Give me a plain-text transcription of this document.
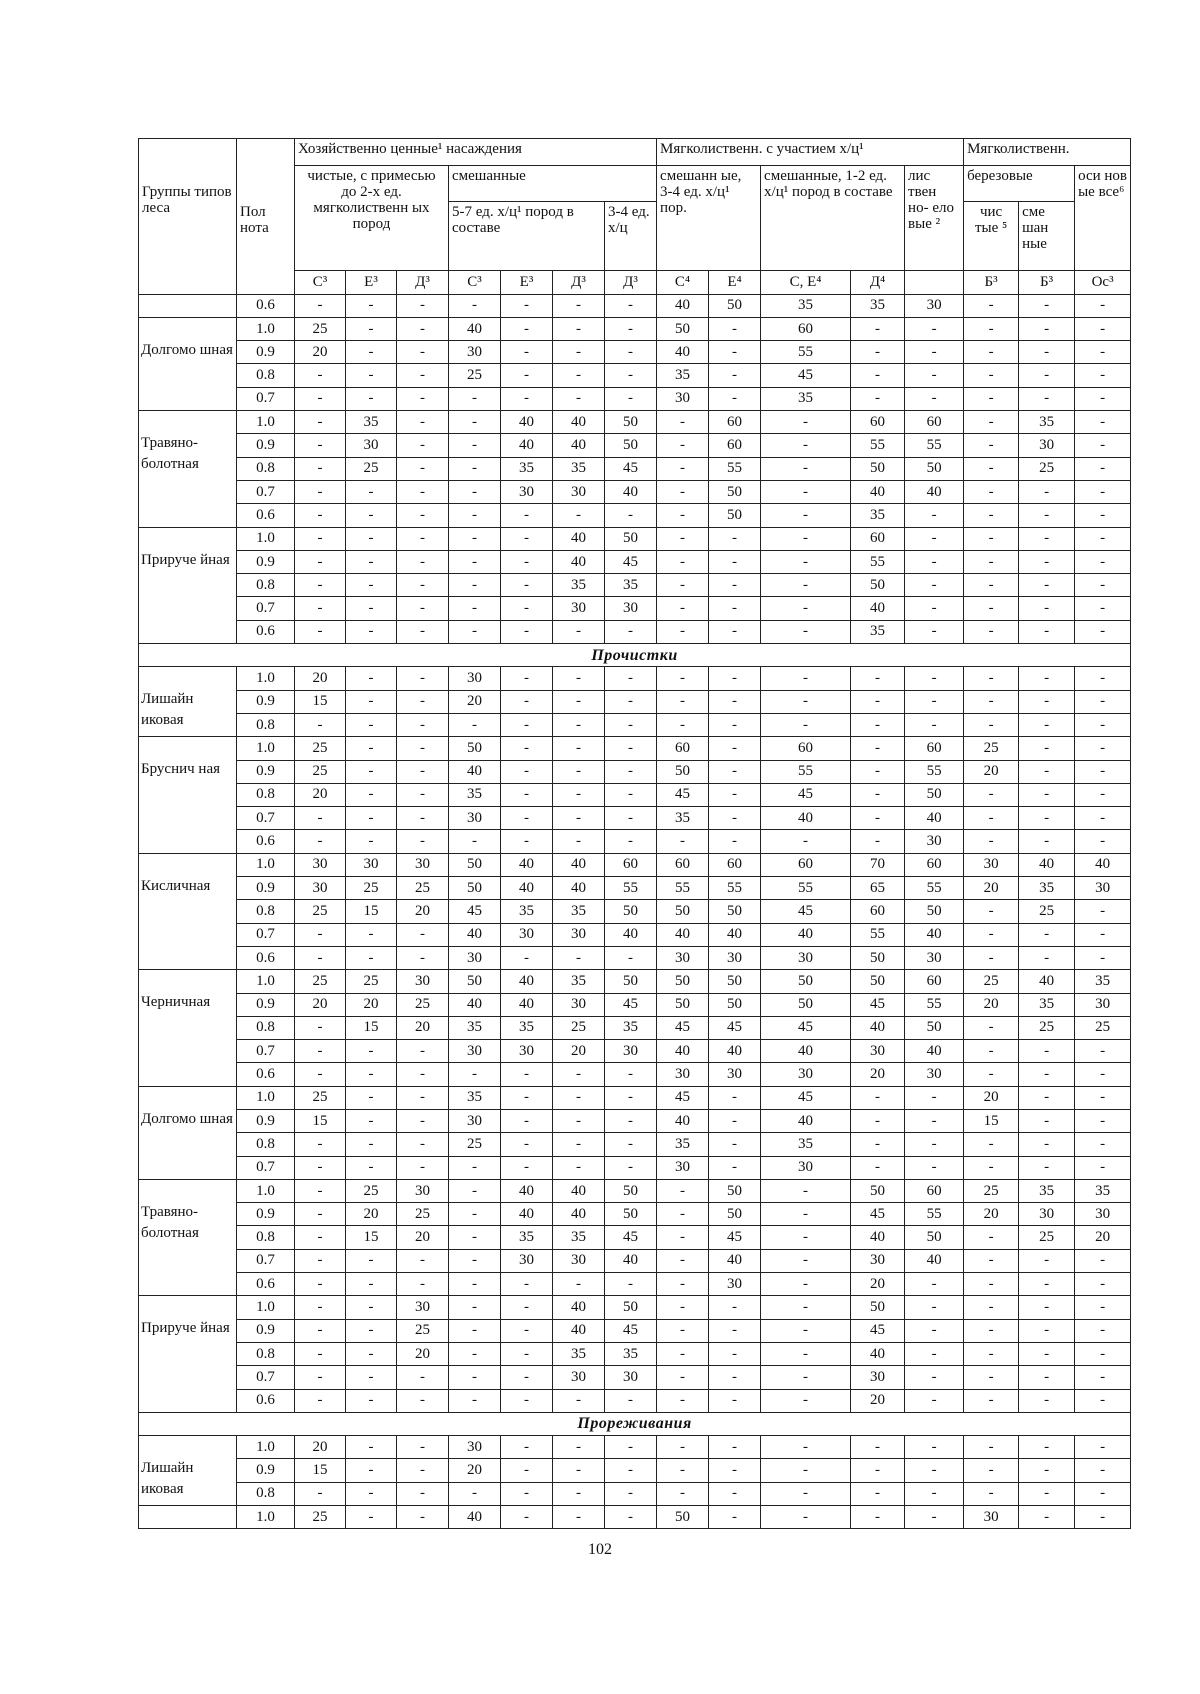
Группы типов леса	Пол нота	Хозяйственно ценные¹ насаждения							Мягколиственн. с участием х/ц¹					Мягколиственн.		
		чистые, с примесью до 2-х ед. мягколиственн ых пород			смешанные				смешанн ые, 3-4 ед. х/ц¹ пор.		смешанные, 1-2 ед. х/ц¹ пород в составе		лис твен но- ело вые ²	березовые		оси нов ые все⁶
					5-7 ед. х/ц¹ пород в составе			3-4 ед. х/ц						чис тые ⁵	сме шан ные	
		С³	Е³	Д³	С³	Е³	Д³	Д³	С⁴	Е⁴	С, Е⁴	Д⁴		Б³	Б³	Ос³
	0.6	-	-	-	-	-	-	-	40	50	35	35	30	-	-	-
Долгомо шная	1.0	25	-	-	40	-	-	-	50	-	60	-	-	-	-	-
	0.9	20	-	-	30	-	-	-	40	-	55	-	-	-	-	-
	0.8	-	-	-	25	-	-	-	35	-	45	-	-	-	-	-
	0.7	-	-	-	-	-	-	-	30	-	35	-	-	-	-	-
Травяно- болотная	1.0	-	35	-	-	40	40	50	-	60	-	60	60	-	35	-
	0.9	-	30	-	-	40	40	50	-	60	-	55	55	-	30	-
	0.8	-	25	-	-	35	35	45	-	55	-	50	50	-	25	-
	0.7	-	-	-	-	30	30	40	-	50	-	40	40	-	-	-
	0.6	-	-	-	-	-	-	-	-	50	-	35	-	-	-	-
Прируче йная	1.0	-	-	-	-	-	40	50	-	-	-	60	-	-	-	-
	0.9	-	-	-	-	-	40	45	-	-	-	55	-	-	-	-
	0.8	-	-	-	-	-	35	35	-	-	-	50	-	-	-	-
	0.7	-	-	-	-	-	30	30	-	-	-	40	-	-	-	-
	0.6	-	-	-	-	-	-	-	-	-	-	35	-	-	-	-
Прочистки																
Лишайн иковая	1.0	20	-	-	30	-	-	-	-	-	-	-	-	-	-	-
	0.9	15	-	-	20	-	-	-	-	-	-	-	-	-	-	-
	0.8	-	-	-	-	-	-	-	-	-	-	-	-	-	-	-
Бруснич ная	1.0	25	-	-	50	-	-	-	60	-	60	-	60	25	-	-
	0.9	25	-	-	40	-	-	-	50	-	55	-	55	20	-	-
	0.8	20	-	-	35	-	-	-	45	-	45	-	50	-	-	-
	0.7	-	-	-	30	-	-	-	35	-	40	-	40	-	-	-
	0.6	-	-	-	-	-	-	-	-	-	-	-	30	-	-	-
Кисличная	1.0	30	30	30	50	40	40	60	60	60	60	70	60	30	40	40
	0.9	30	25	25	50	40	40	55	55	55	55	65	55	20	35	30
	0.8	25	15	20	45	35	35	50	50	50	45	60	50	-	25	-
	0.7	-	-	-	40	30	30	40	40	40	40	55	40	-	-	-
	0.6	-	-	-	30	-	-	-	30	30	30	50	30	-	-	-
Черничная	1.0	25	25	30	50	40	35	50	50	50	50	50	60	25	40	35
	0.9	20	20	25	40	40	30	45	50	50	50	45	55	20	35	30
	0.8	-	15	20	35	35	25	35	45	45	45	40	50	-	25	25
	0.7	-	-	-	30	30	20	30	40	40	40	30	40	-	-	-
	0.6	-	-	-	-	-	-	-	30	30	30	20	30	-	-	-
Долгомо шная	1.0	25	-	-	35	-	-	-	45	-	45	-	-	20	-	-
	0.9	15	-	-	30	-	-	-	40	-	40	-	-	15	-	-
	0.8	-	-	-	25	-	-	-	35	-	35	-	-	-	-	-
	0.7	-	-	-	-	-	-	-	30	-	30	-	-	-	-	-
Травяно- болотная	1.0	-	25	30	-	40	40	50	-	50	-	50	60	25	35	35
	0.9	-	20	25	-	40	40	50	-	50	-	45	55	20	30	30
	0.8	-	15	20	-	35	35	45	-	45	-	40	50	-	25	20
	0.7	-	-	-	-	30	30	40	-	40	-	30	40	-	-	-
	0.6	-	-	-	-	-	-	-	-	30	-	20	-	-	-	-
Прируче йная	1.0	-	-	30	-	-	40	50	-	-	-	50	-	-	-	-
	0.9	-	-	25	-	-	40	45	-	-	-	45	-	-	-	-
	0.8	-	-	20	-	-	35	35	-	-	-	40	-	-	-	-
	0.7	-	-	-	-	-	30	30	-	-	-	30	-	-	-	-
	0.6	-	-	-	-	-	-	-	-	-	-	20	-	-	-	-
Прореживания																
Лишайн иковая	1.0	20	-	-	30	-	-	-	-	-	-	-	-	-	-	-
	0.9	15	-	-	20	-	-	-	-	-	-	-	-	-	-	-
	0.8	-	-	-	-	-	-	-	-	-	-	-	-	-	-	-
	1.0	25	-	-	40	-	-	-	50	-	-	-	-	30	-	-
102
